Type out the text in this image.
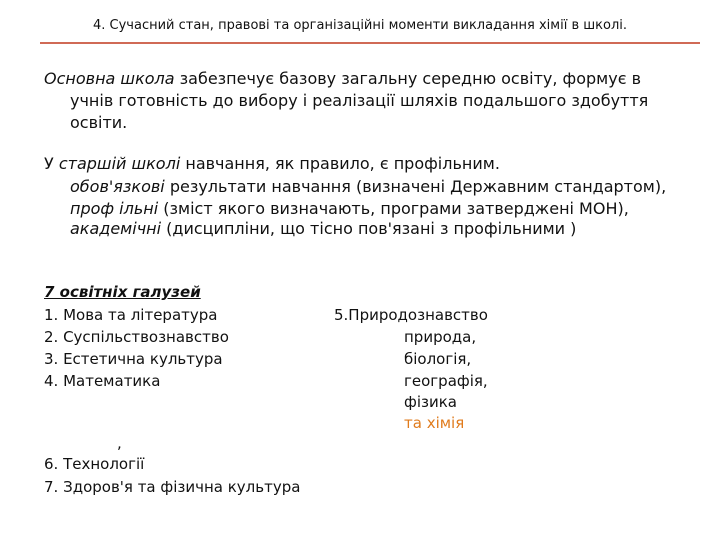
4. Сучасний стан, правові та організаційні моменти викладання хімії в школі.
Основна школа забезпечує базову загальну середню освіту, формує в
учнів готовність до вибору і реалізації шляхів подальшого здобуття
освіти.
У старшій школі навчання, як правило, є профільним.
обов'язкові результати навчання (визначені Державним стандартом),
проф ільні (зміст якого визначають, програми затверджені МОН),
академічні (дисципліни, що тісно пов'язані з профільними )
7 освітніх галузей
1. Мова та література
2. Суспільствознавство
3. Естетична культура
4. Математика
5.Природознавство
природа,
біологія,
географія,
фізика
та хімія
,
6. Технології
7. Здоров'я та фізична культура
